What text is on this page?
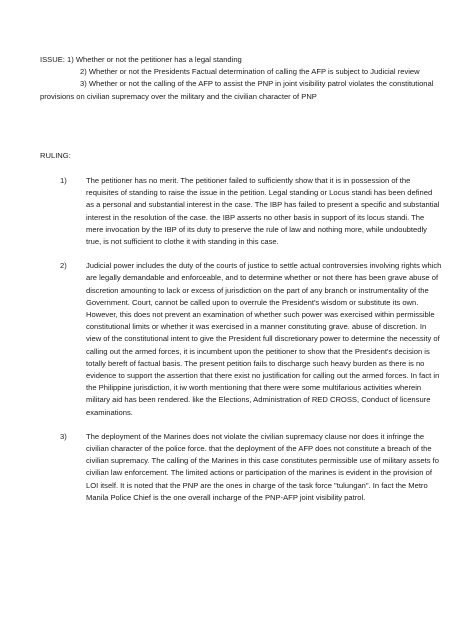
ISSUE: 1) Whether or not the petitioner has a legal standing

2) Whether or not the Presidents Factual determination of calling the AFP is subject to Judicial review

3) Whether or not the calling of the AFP to assist the PNP in joint visibility patrol violates the constitutional provisions on civilian supremacy over the military and the civilian character of PNP

RULING:

1)	The petitioner has no merit. The petitioner failed to sufficiently show that it is in possession of the requisites of standing to raise the issue in the petition. Legal standing or Locus standi has been defined as a personal and substantial interest in the case. The IBP has failed to present a specific and substantial interest in the resolution of the case. the IBP asserts no other basis in support of its locus standi. The mere invocation by the IBP of its duty to preserve the rule of law and nothing more, while undoubtedly true, is not sufficient to clothe it with standing in this case.

2)	Judicial power includes the duty of the courts of justice to settle actual controversies involving rights which are legally demandable and enforceable, and to determine whether or not there has been grave abuse of discretion amounting to lack or excess of jurisdiction on the part of any branch or instrumentality of the Government. Court, cannot be called upon to overrule the President's wisdom or substitute its own. However, this does not prevent an examination of whether such power was exercised within permissible constitutional limits or whether it was exercised in a manner constituting grave. abuse of discretion. In view of the constitutional intent to give the President full discretionary power to determine the necessity of calling out the armed forces, it is incumbent upon the petitioner to show that the President's decision is totally bereft of factual basis. The present petition fails to discharge such heavy burden as there is no evidence to support the assertion that there exist no justification for calling out the armed forces. In fact in the Philippine jurisdiction, it iw worth mentioning that there were some multifarious activities wherein military aid has been rendered. like the Elections, Administration of RED CROSS, Conduct of licensure examinations.

3)	The deployment of the Marines does not violate the civilian supremacy clause nor does it infringe the civilian character of the police force. that the deployment of the AFP does not constitute a breach of the civilian supremacy. The calling of the Marines in this case constitutes permissible use of military assets fo civilian law enforcement. The limited actions or participation of the marines is evident in the provision of LOI itself. It is noted that the PNP are the ones in charge of the task force "tulungan". In fact the Metro Manila Police Chief is the one overall incharge of the PNP-AFP joint visibility patrol.
